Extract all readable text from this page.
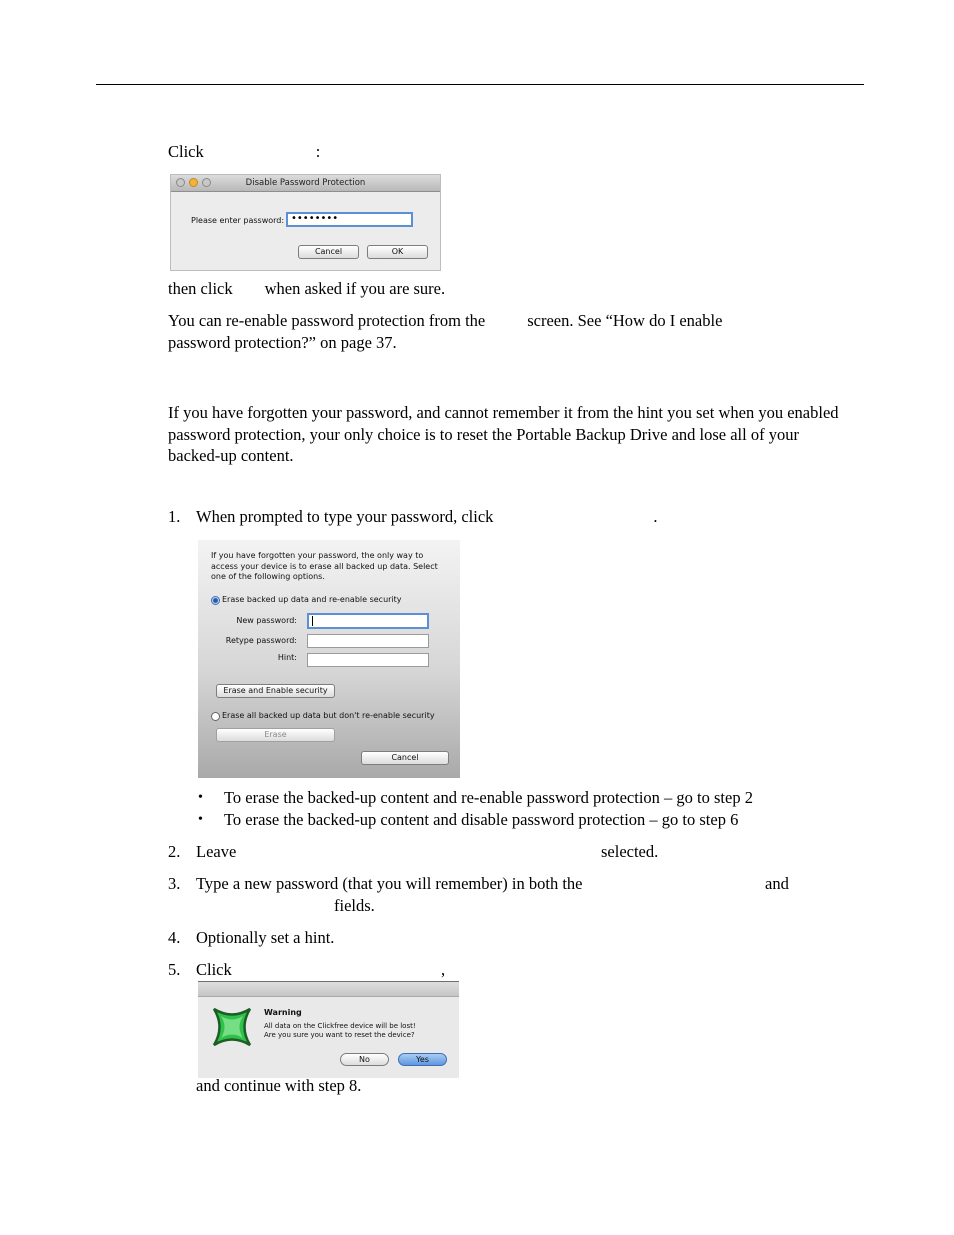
Click	:
Disable Password Protection
Please enter password: ••••••••
Cancel	OK
then click when asked if you are sure.
You can re-enable password protection from the	screen. See “How do I enable
password protection?” on page 37.

If you have forgotten your password, and cannot remember it from the hint you set when you enabled password protection, your only choice is to reset the Portable Backup Drive and lose all of your backed-up content.

1. When prompted to type your password, click	.
If you have forgotten your password, the only way to access your device is to erase all backed up data. Select one of the following options.
Erase backed up data and re-enable security
New password:
Retype password:
Hint:
Erase and Enable security
Erase all backed up data but don't re-enable security
Erase
Cancel
• To erase the backed-up content and re-enable password protection – go to step 2
• To erase the backed-up content and disable password protection – go to step 6
2. Leave	selected.
3. Type a new password (that you will remember) in both the	and
fields.
4. Optionally set a hint.
5. Click	,
Warning
All data on the Clickfree device will be lost!
Are you sure you want to reset the device?
No	Yes
and continue with step 8.
